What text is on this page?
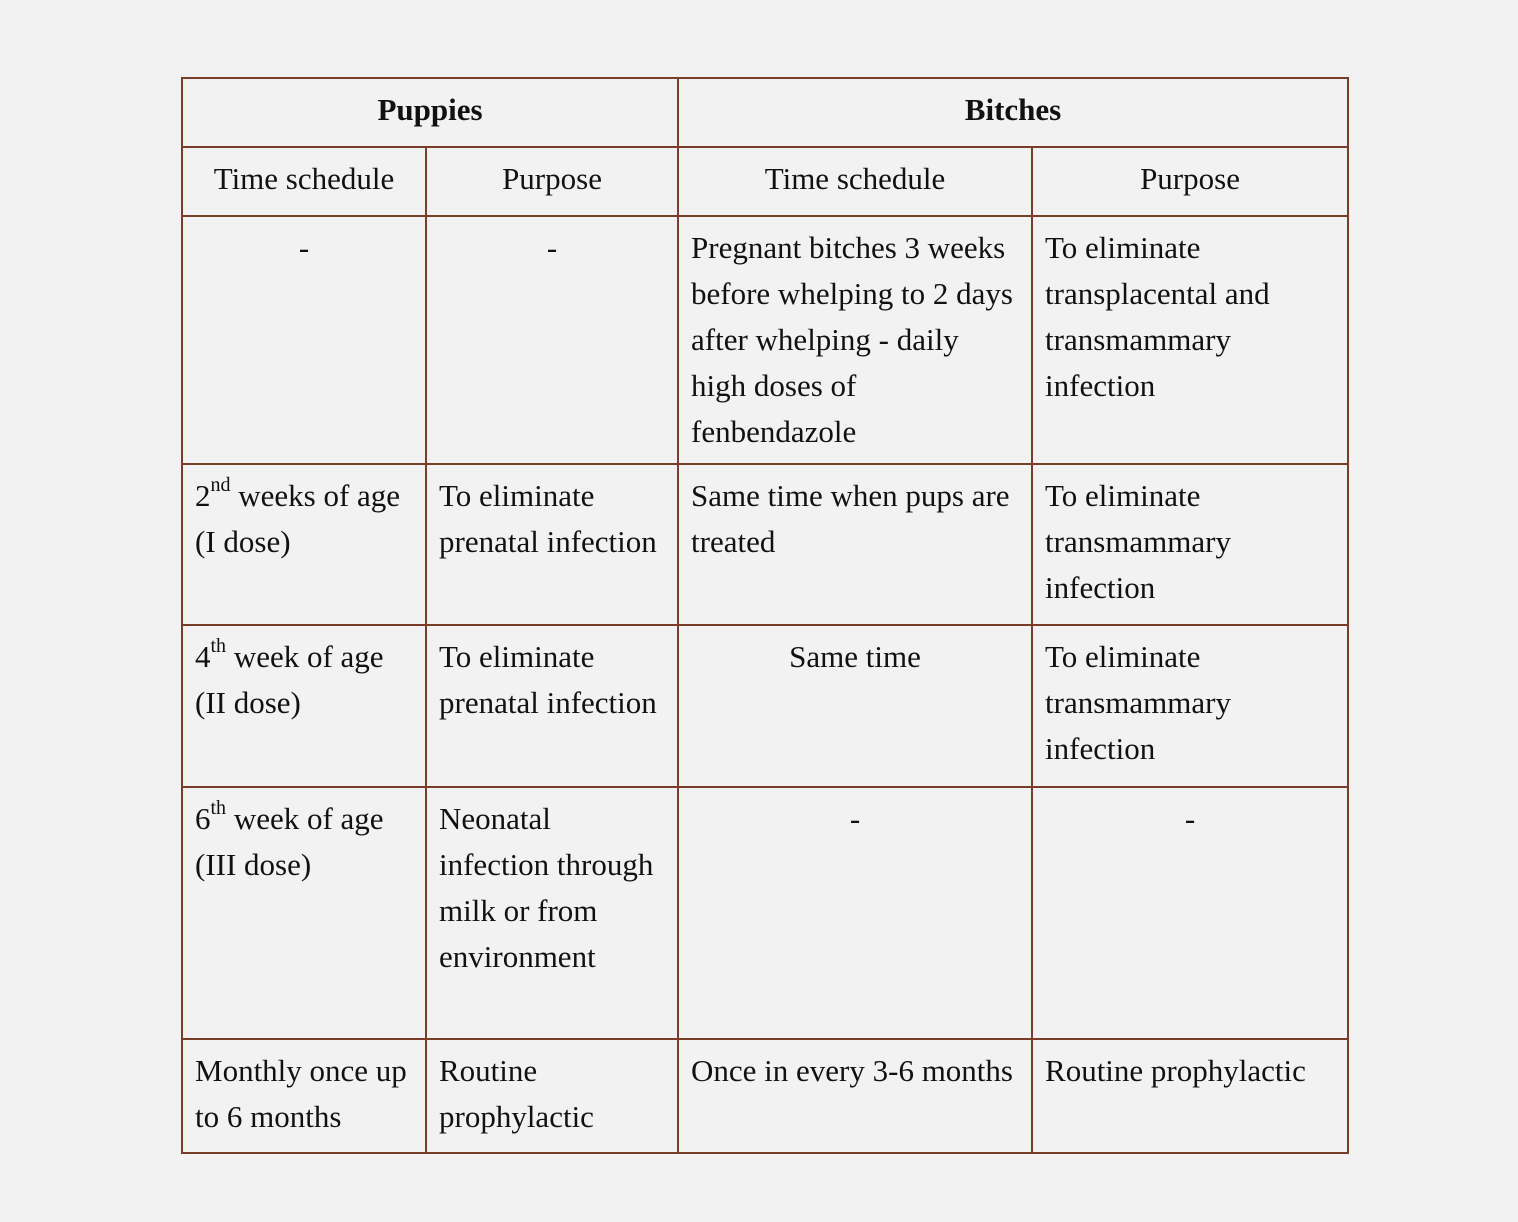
Puppies		Bitches	
Time schedule	Purpose	Time schedule	Purpose
-	-	Pregnant bitches 3 weeks before whelping to 2 days after whelping - daily high doses of fenbendazole	To eliminate transplacental and transmammary infection
2nd weeks of age (I dose)	To eliminate prenatal infection	Same time when pups are treated	To eliminate transmammary infection
4th week of age (II dose)	To eliminate prenatal infection	Same time	To eliminate transmammary infection
6th week of age (III dose)	Neonatal infection through milk or from environment	-	-
Monthly once up to 6 months	Routine prophylactic	Once in every 3-6 months	Routine prophylactic
